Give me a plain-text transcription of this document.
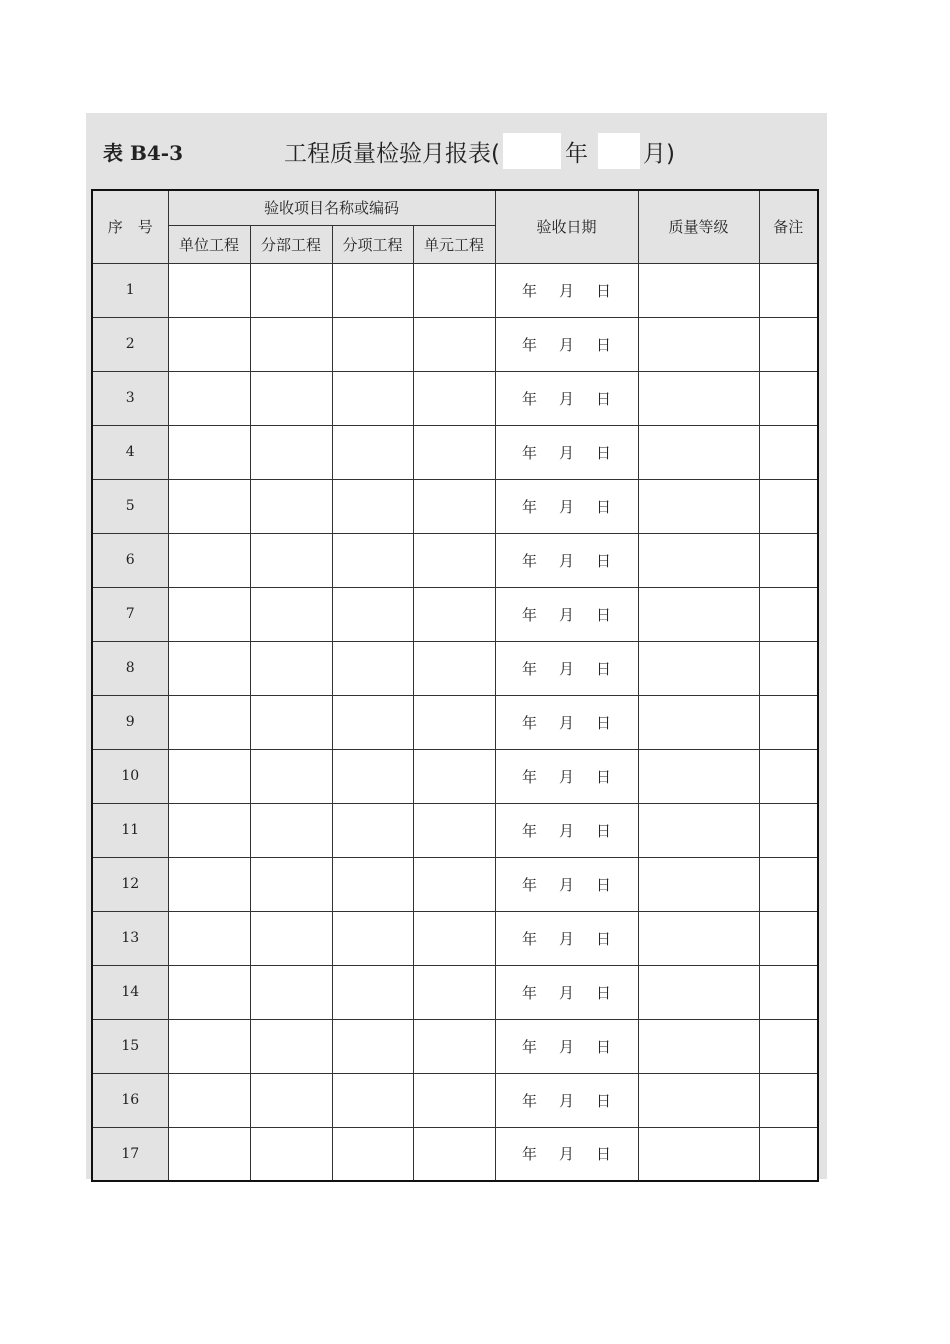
表 B4-3	工程质量检验月报表(	年 月)
序　号	验收项目名称或编码				验收日期	质量等级	备注
	单位工程	分部工程	分项工程	单元工程			
1					年 月 日		
2					年 月 日		
3					年 月 日		
4					年 月 日		
5					年 月 日		
6					年 月 日		
7					年 月 日		
8					年 月 日		
9					年 月 日		
10					年 月 日		
11					年 月 日		
12					年 月 日		
13					年 月 日		
14					年 月 日		
15					年 月 日		
16					年 月 日		
17					年 月 日		
